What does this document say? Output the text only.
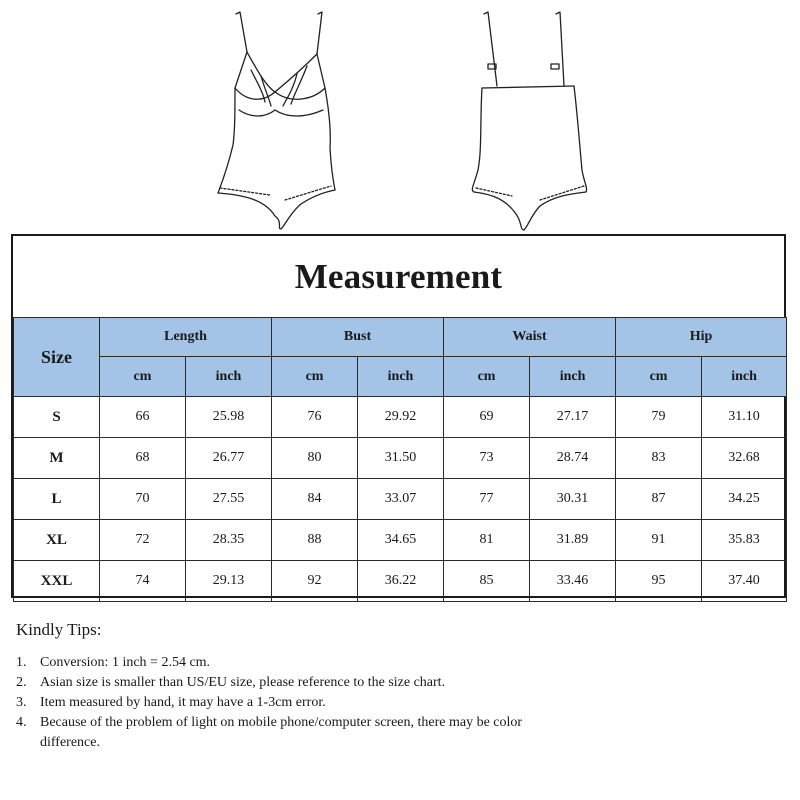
Measurement
Size	Length		Bust		Waist		Hip	
	cm	inch	cm	inch	cm	inch	cm	inch
S	66	25.98	76	29.92	69	27.17	79	31.10
M	68	26.77	80	31.50	73	28.74	83	32.68
L	70	27.55	84	33.07	77	30.31	87	34.25
XL	72	28.35	88	34.65	81	31.89	91	35.83
XXL	74	29.13	92	36.22	85	33.46	95	37.40
Kindly Tips:
1. Conversion: 1 inch = 2.54 cm.
2. Asian size is smaller than US/EU size, please reference to the size chart.
3. Item measured by hand, it may have a 1-3cm error.
4. Because of the problem of light on mobile phone/computer screen, there may be color difference.
